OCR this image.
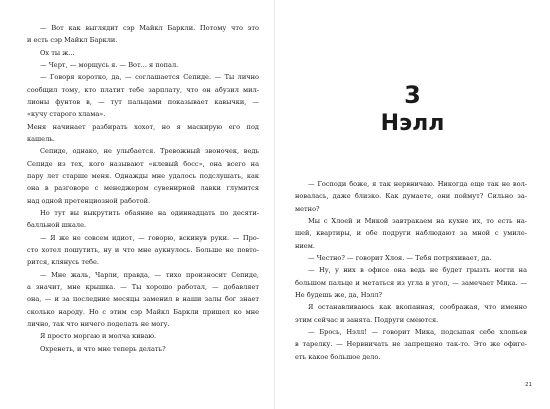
— Вот как выглядит сэр Майкл Баркли. Потому что это
и есть сэр Майкл Баркли.
Ох ты ж...
— Черт, — морщусь я. — Вот... я попал.
— Говоря коротко, да, — соглашается Сепиде. — Ты лично
сообщил тому, кто платит тебе зарплату, что он абузил мил-
лионы фунтов в, — тут пальцами показывает кавычки, —
«кучу старого хлама».
Меня начинает разбирать хохот, но я маскирую его под
кашель.
Сепиде, однако, не улыбается. Тревожный звоночек, ведь
Сепиде из тех, кого называют «клевый босс», она всего на
пару лет старше меня. Однажды мне удалось подслушать, как
она в разговоре с менеджером сувенирной лавки глумится
над одной претенциозной работой.
Но тут вы выкрутить обаяние на одиннадцать по десяти-
балльной шкале.
— Я же не совсем идиот, — говорю, вскинув руки. — Про-
сто хотел пошутить, ну и что мне аукнулось. Больше не повто-
рится, клянусь тебе.
— Мне жаль, Чарли, правда, — тихо произносит Сепиде,
а значит, мне крышка. — Ты хорошо работал, — добавляет
она, — и за последние месяцы заменил в наши залы бог знает
сколько народу. Но с этим сэр Майкл Баркли пришел ко мне
лично, так что ничего поделать не могу.
Я просто моргаю и молча киваю.
Охренеть, и что мне теперь делать?
3
Нэлл
— Господи боже, я так нервничаю. Никогда еще так не вол-
новалась, даже близко. Как думаете, они поймут? Сильно за-
метно?
Мы с Хлоей и Микой завтракаем на кухне их, то есть на-
шей, квартиры, и обе подруги наблюдают за мной с умиле-
нием.
— Честно? — говорит Хлоя. — Тебя потряхивает, да.
— Ну, у них в офисе она ведь не будет грызть ногти на
большом пальце и метаться из угла в угол, — замечает Мика. —
Не будешь же, да, Нэлл?
Я останавливаюсь как вкопанная, соображая, что именно
этим сейчас и занята. Подруги смеются.
— Брось, Нэлл! — говорит Мика, подсыпая себе хлопьев
в тарелку. — Нервничать не запрещено так-то. Это же офиге-
еть какое большое дело.
21
